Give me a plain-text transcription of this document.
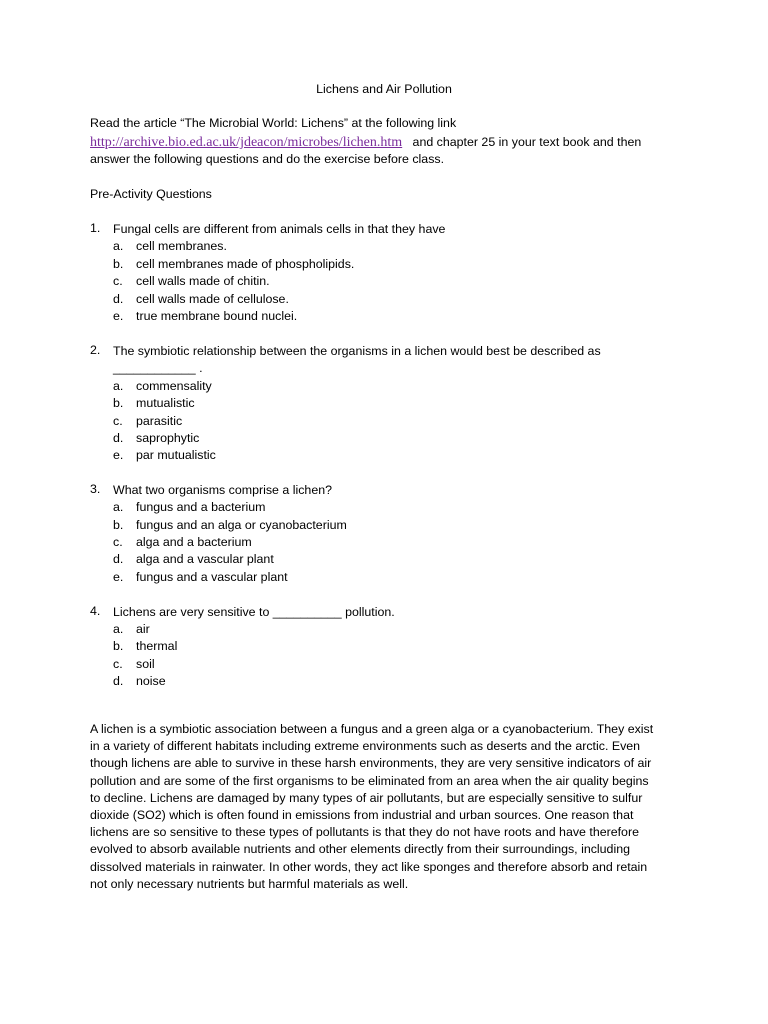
Lichens and Air Pollution
Read the article “The Microbial World: Lichens” at the following link
http://archive.bio.ed.ac.uk/jdeacon/microbes/lichen.htm and chapter 25 in your text book and then
answer the following questions and do the exercise before class.
Pre-Activity Questions
1. Fungal cells are different from animals cells in that they have
a. cell membranes.
b. cell membranes made of phospholipids.
c. cell walls made of chitin.
d. cell walls made of cellulose.
e. true membrane bound nuclei.
2. The symbiotic relationship between the organisms in a lichen would best be described as
____________ .
a. commensality
b. mutualistic
c. parasitic
d. saprophytic
e. par mutualistic
3. What two organisms comprise a lichen?
a. fungus and a bacterium
b. fungus and an alga or cyanobacterium
c. alga and a bacterium
d. alga and a vascular plant
e. fungus and a vascular plant
4. Lichens are very sensitive to __________ pollution.
a. air
b. thermal
c. soil
d. noise
A lichen is a symbiotic association between a fungus and a green alga or a cyanobacterium. They exist
in a variety of different habitats including extreme environments such as deserts and the arctic. Even
though lichens are able to survive in these harsh environments, they are very sensitive indicators of air
pollution and are some of the first organisms to be eliminated from an area when the air quality begins
to decline. Lichens are damaged by many types of air pollutants, but are especially sensitive to sulfur
dioxide (SO2) which is often found in emissions from industrial and urban sources. One reason that
lichens are so sensitive to these types of pollutants is that they do not have roots and have therefore
evolved to absorb available nutrients and other elements directly from their surroundings, including
dissolved materials in rainwater. In other words, they act like sponges and therefore absorb and retain
not only necessary nutrients but harmful materials as well.
